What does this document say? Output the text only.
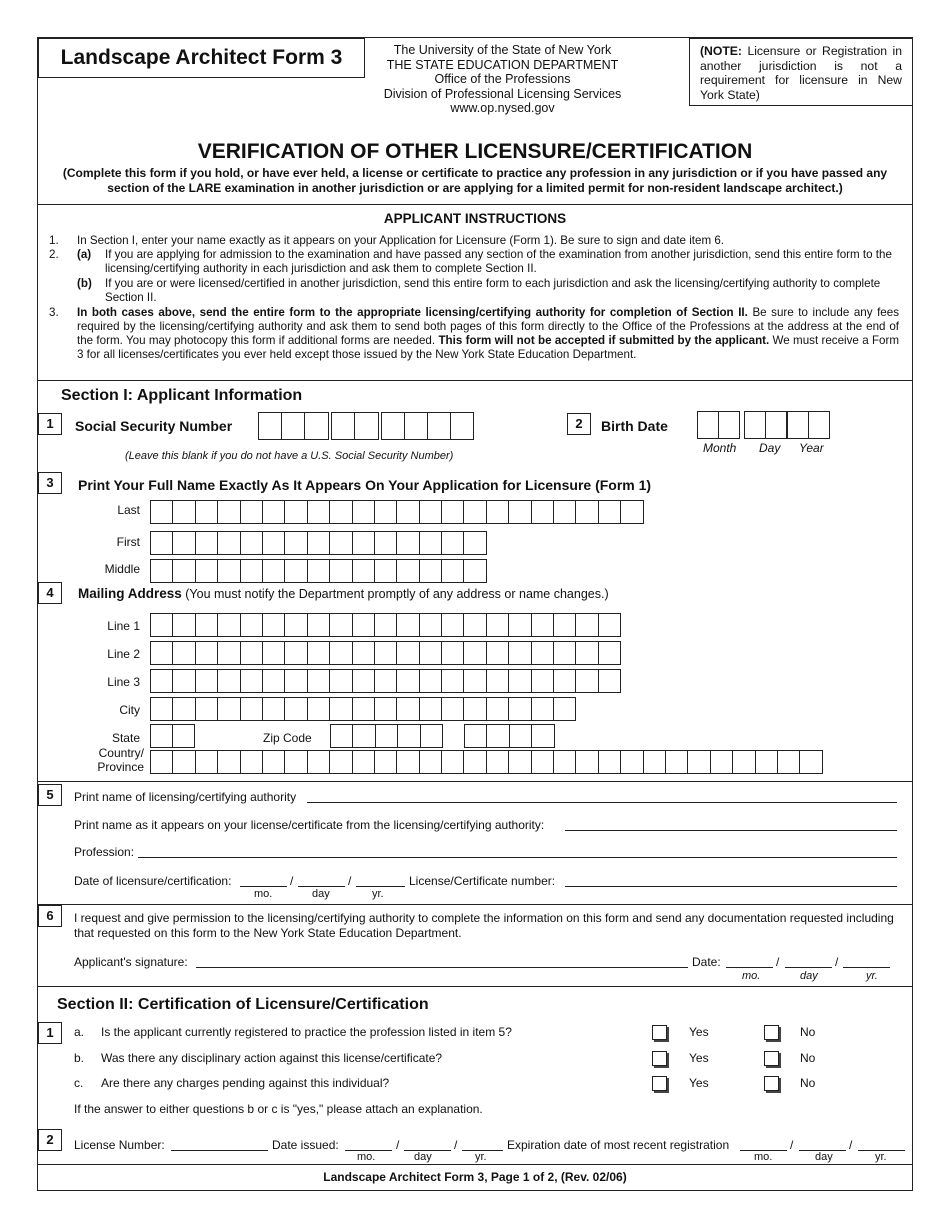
Landscape Architect Form 3	The University of the State of New York
THE STATE EDUCATION DEPARTMENT
Office of the Professions
Division of Professional Licensing Services
www.op.nysed.gov
(NOTE: Licensure or Registration in another jurisdiction is not a requirement for licensure in New York State)
VERIFICATION OF OTHER LICENSURE/CERTIFICATION
(Complete this form if you hold, or have ever held, a license or certificate to practice any profession in any jurisdiction or if you have passed any section of the LARE examination in another jurisdiction or are applying for a limited permit for non-resident landscape architect.)
APPLICANT INSTRUCTIONS
1. In Section I, enter your name exactly as it appears on your Application for Licensure (Form 1). Be sure to sign and date item 6.
2. (a) If you are applying for admission to the examination and have passed any section of the examination from another jurisdiction, send this entire form to the licensing/certifying authority in each jurisdiction and ask them to complete Section II.
(b) If you are or were licensed/certified in another jurisdiction, send this entire form to each jurisdiction and ask the licensing/certifying authority to complete Section II.
3. In both cases above, send the entire form to the appropriate licensing/certifying authority for completion of Section II. Be sure to include any fees required by the licensing/certifying authority and ask them to send both pages of this form directly to the Office of the Professions at the address at the end of the form. You may photocopy this form if additional forms are needed. This form will not be accepted if submitted by the applicant. We must receive a Form 3 for all licenses/certificates you ever held except those issued by the New York State Education Department.
Section I: Applicant Information
1	Social Security Number
(Leave this blank if you do not have a U.S. Social Security Number)
2	Birth Date
Month Day Year
3	Print Your Full Name Exactly As It Appears On Your Application for Licensure (Form 1)
Last
First
Middle
4	Mailing Address (You must notify the Department promptly of any address or name changes.)
Line 1
Line 2
Line 3
City
State	Zip Code
Country/
Province
5	Print name of licensing/certifying authority
Print name as it appears on your license/certificate from the licensing/certifying authority:
Profession:
Date of licensure/certification:	/	/	License/Certificate number:
mo.	day	yr.
6	I request and give permission to the licensing/certifying authority to complete the information on this form and send any documentation requested including that requested on this form to the New York State Education Department.
Applicant's signature:	Date:	/	/
mo.	day	yr.
Section II: Certification of Licensure/Certification
1	a. Is the applicant currently registered to practice the profession listed in item 5?	Yes	No
b. Was there any disciplinary action against this license/certificate?	Yes	No
c. Are there any charges pending against this individual?	Yes	No
If the answer to either questions b or c is "yes," please attach an explanation.
2	License Number:	Date issued:	/	/	Expiration date of most recent registration	/	/
mo.	day	yr.	mo.	day	yr.
Landscape Architect Form 3, Page 1 of 2, (Rev. 02/06)
